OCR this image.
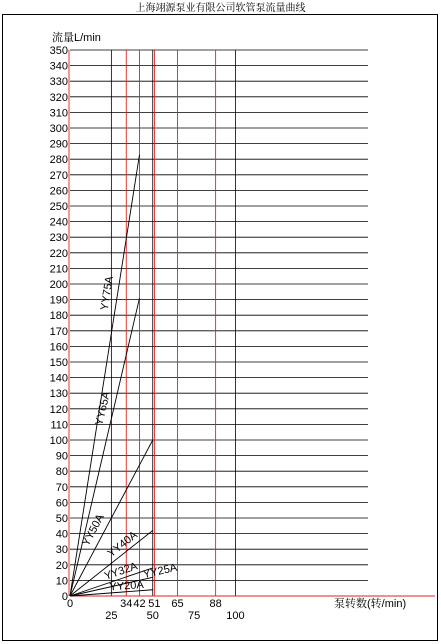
上海翊源泵业有限公司软管泵流量曲线
0
10
20
30
40
50
60
70
80
90
100
110
120
130
140
150
160
170
180
190
200
210
220
230
240
250
260
270
280
290
300
310
320
330
340
350
流量L/min
泵转数(转/min)
0	34 42 51 65 88
25	50	75 100
YY75A
YY65A
YY50A
YY40A
YY32A YY25A
YY20A
